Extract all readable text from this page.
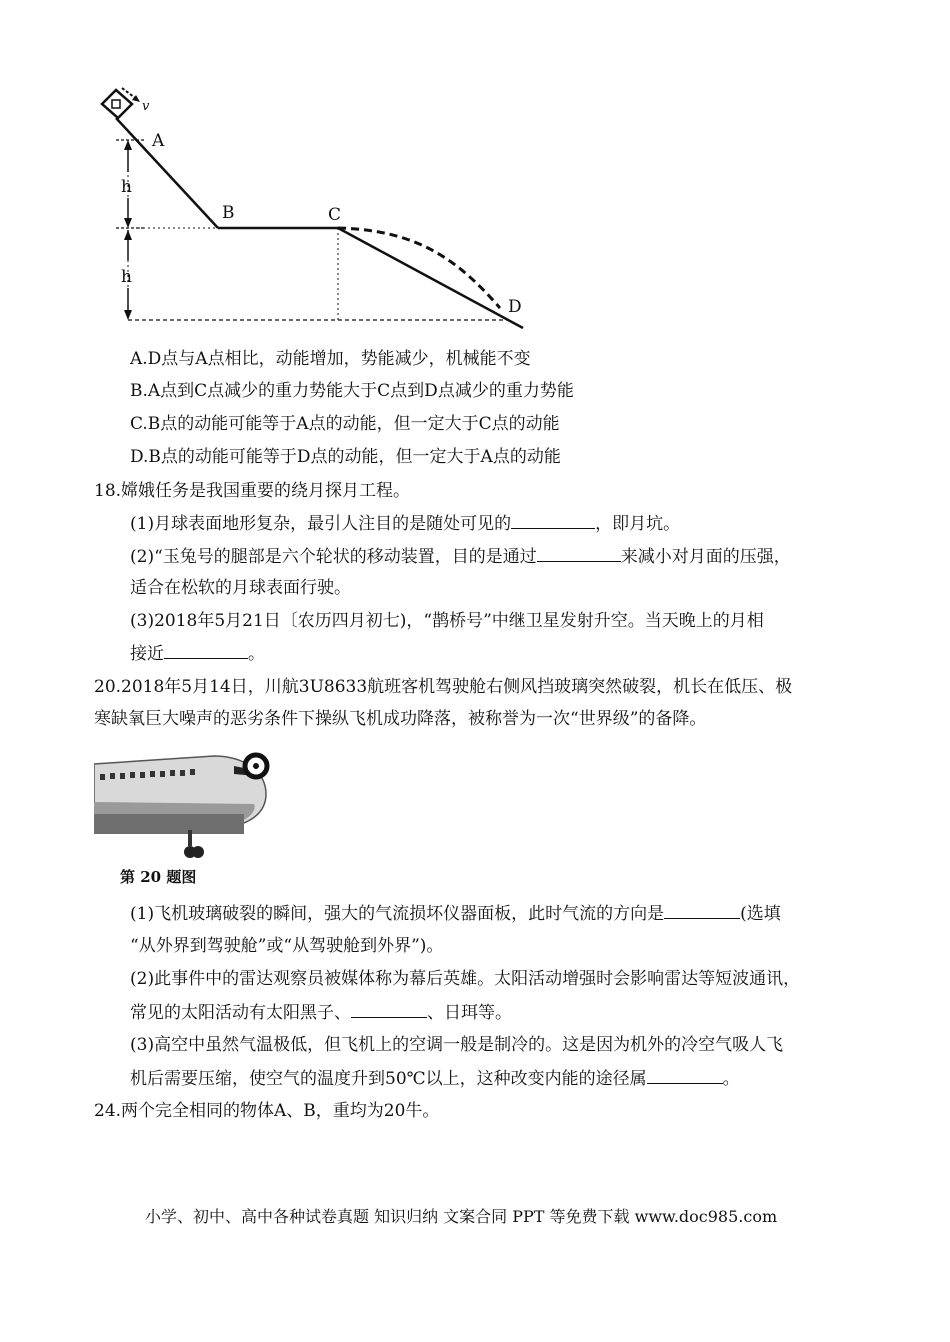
v
h
h
A
B	C
D
A.D点与A点相比，动能增加，势能减少，机械能不变
B.A点到C点减少的重力势能大于C点到D点减少的重力势能
C.B点的动能可能等于A点的动能，但一定大于C点的动能
D.B点的动能可能等于D点的动能，但一定大于A点的动能
18.嫦娥任务是我国重要的绕月探月工程。
(1)月球表面地形复杂，最引人注目的是随处可见的	，即月坑。
(2)“玉兔号的腿部是六个轮状的移动装置，目的是通过	来减小对月面的压强，
适合在松软的月球表面行驶。
(3)2018年5月21日〔农历四月初七)，“鹊桥号”中继卫星发射升空。当天晚上的月相
接近	。
20.2018年5月14日，川航3U8633航班客机驾驶舱右侧风挡玻璃突然破裂，机长在低压、极
寒缺氧巨大噪声的恶劣条件下操纵飞机成功降落，被称誉为一次“世界级”的备降。
第 20 题图
(1)飞机玻璃破裂的瞬间，强大的气流损坏仪器面板，此时气流的方向是	(选填
“从外界到驾驶舱”或“从驾驶舱到外界”)。
(2)此事件中的雷达观察员被媒体称为幕后英雄。太阳活动增强时会影响雷达等短波通讯，
常见的太阳活动有太阳黑子、	、日珥等。
(3)高空中虽然气温极低，但飞机上的空调一般是制冷的。这是因为机外的冷空气吸人飞
机后需要压缩，使空气的温度升到50℃以上，这种改变内能的途径属	。
24.两个完全相同的物体A、B，重均为20牛。
小学、初中、高中各种试卷真题 知识归纳 文案合同 PPT 等免费下载 www.doc985.com
